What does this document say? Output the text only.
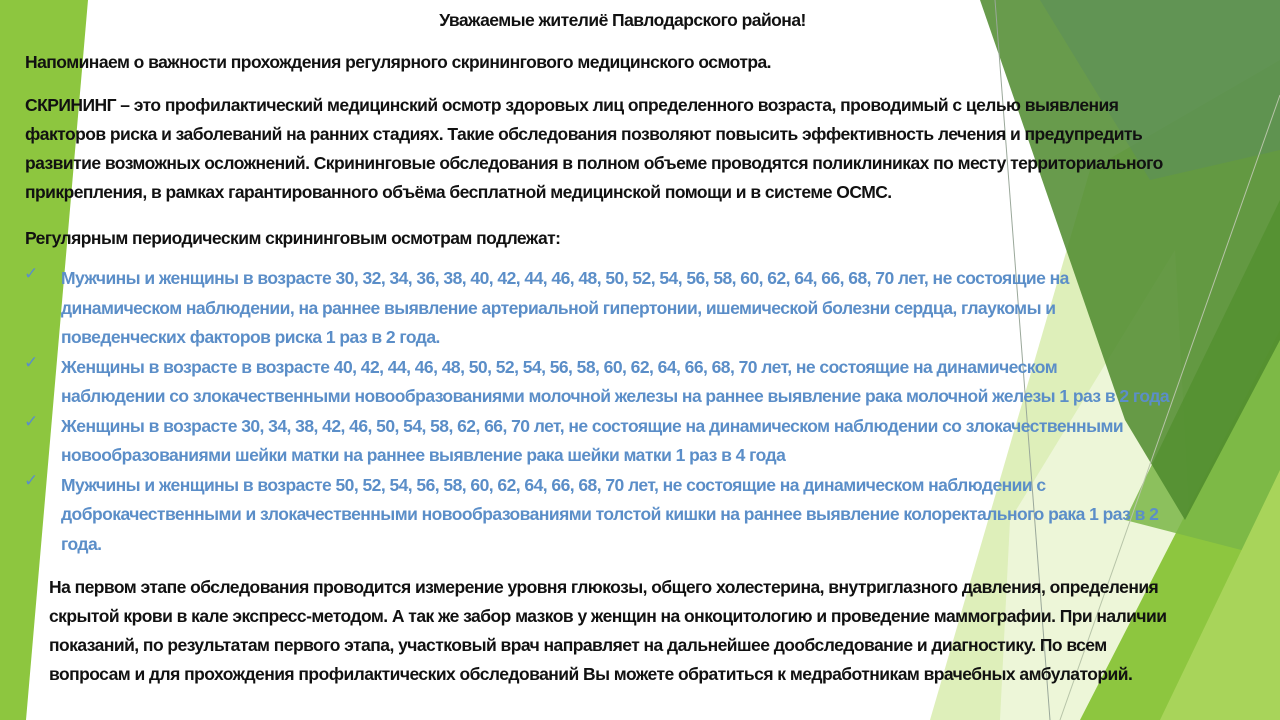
Уважаемые жителиё Павлодарского района!
Напоминаем о важности прохождения регулярного скринингового медицинского осмотра.
СКРИНИНГ – это профилактический медицинский осмотр здоровых лиц определенного возраста, проводимый с целью выявления
факторов риска и заболеваний на ранних стадиях. Такие обследования позволяют повысить эффективность лечения и предупредить
развитие возможных осложнений. Скрининговые обследования в полном объеме проводятся поликлиниках по месту территориального
прикрепления, в рамках гарантированного объёма бесплатной медицинской помощи и в системе ОСМС.
Регулярным периодическим скрининговым осмотрам подлежат:
✓ Мужчины и женщины в возрасте 30, 32, 34, 36, 38, 40, 42, 44, 46, 48, 50, 52, 54, 56, 58, 60, 62, 64, 66, 68, 70 лет, не состоящие на
динамическом наблюдении, на раннее выявление артериальной гипертонии, ишемической болезни сердца, глаукомы и
поведенческих факторов риска 1 раз в 2 года.
✓ Женщины в возрасте в возрасте 40, 42, 44, 46, 48, 50, 52, 54, 56, 58, 60, 62, 64, 66, 68, 70 лет, не состоящие на динамическом
наблюдении со злокачественными новообразованиями молочной железы на раннее выявление рака молочной железы 1 раз в 2 года
✓ Женщины в возрасте 30, 34, 38, 42, 46, 50, 54, 58, 62, 66, 70 лет, не состоящие на динамическом наблюдении со злокачественными
новообразованиями шейки матки на раннее выявление рака шейки матки 1 раз в 4 года
✓ Мужчины и женщины в возрасте 50, 52, 54, 56, 58, 60, 62, 64, 66, 68, 70 лет, не состоящие на динамическом наблюдении с
доброкачественными и злокачественными новообразованиями толстой кишки на раннее выявление колоректального рака 1 раз в 2
года.
На первом этапе обследования проводится измерение уровня глюкозы, общего холестерина, внутриглазного давления, определения
скрытой крови в кале экспресс-методом. А так же забор мазков у женщин на онкоцитологию и проведение маммографии. При наличии
показаний, по результатам первого этапа, участковый врач направляет на дальнейшее дообследование и диагностику. По всем
вопросам и для прохождения профилактических обследований Вы можете обратиться к медработникам врачебных амбулаторий.
